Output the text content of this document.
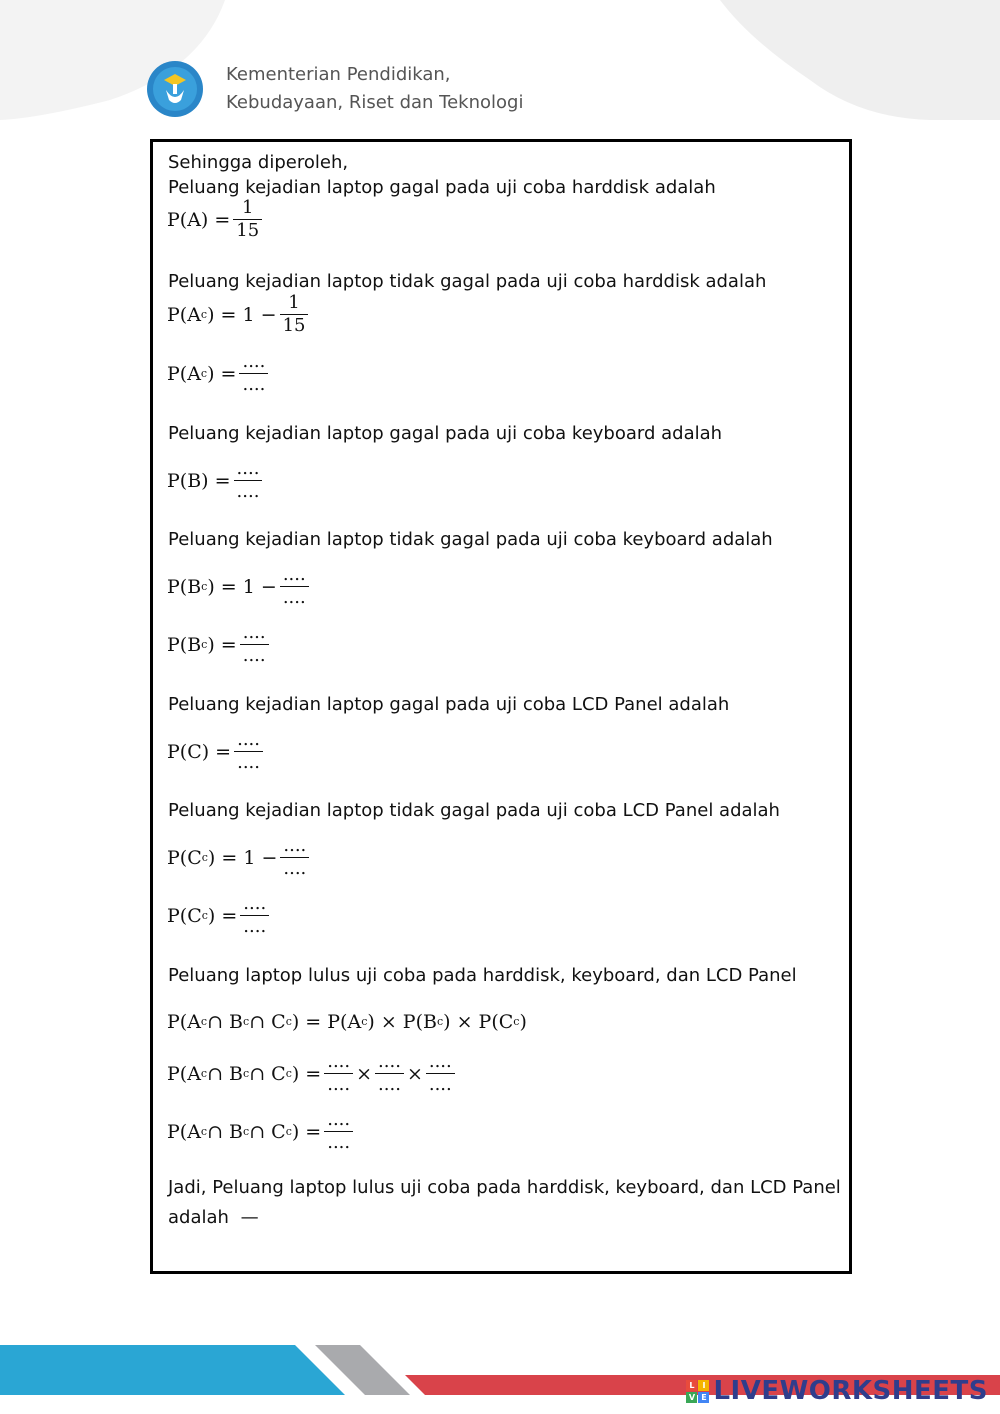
Kementerian Pendidikan,
Kebudayaan, Riset dan Teknologi
Sehingga diperoleh,
Peluang kejadian laptop gagal pada uji coba harddisk adalah
$P(A) = \frac{1}{15}$
Peluang kejadian laptop tidak gagal pada uji coba harddisk adalah
P(A c ) = $1 - \frac{1}{15}$
P(A c ) = $\frac{....}{....}$
Peluang kejadian laptop gagal pada uji coba keyboard adalah
$P(B) = \frac{....}{....}$
Peluang kejadian laptop tidak gagal pada uji coba keyboard adalah
P(B c ) = $1 - \frac{....}{....}$
P(B c ) = $\frac{....}{....}$
Peluang kejadian laptop gagal pada uji coba LCD Panel adalah
$P(C) = \frac{....}{....}$
Peluang kejadian laptop tidak gagal pada uji coba LCD Panel adalah
P(C c ) = $1 - \frac{....}{....}$
P(C c ) = $\frac{....}{....}$
Peluang laptop lulus uji coba pada harddisk, keyboard, dan LCD Panel
P(A c ∩ B c ∩ C c ) = P(A c ) × P(B c ) × P(C c )
P(A c ∩ B c ∩ C c ) = $\frac{....}{....} \times \frac{....}{....} \times \frac{....}{....}$
P(A c ∩ B c ∩ C c ) = $\frac{....}{....}$
Jadi, Peluang laptop lulus uji coba pada harddisk, keyboard, dan LCD Panel
adalah —
L I
V E LIVEWORKSHEETS
